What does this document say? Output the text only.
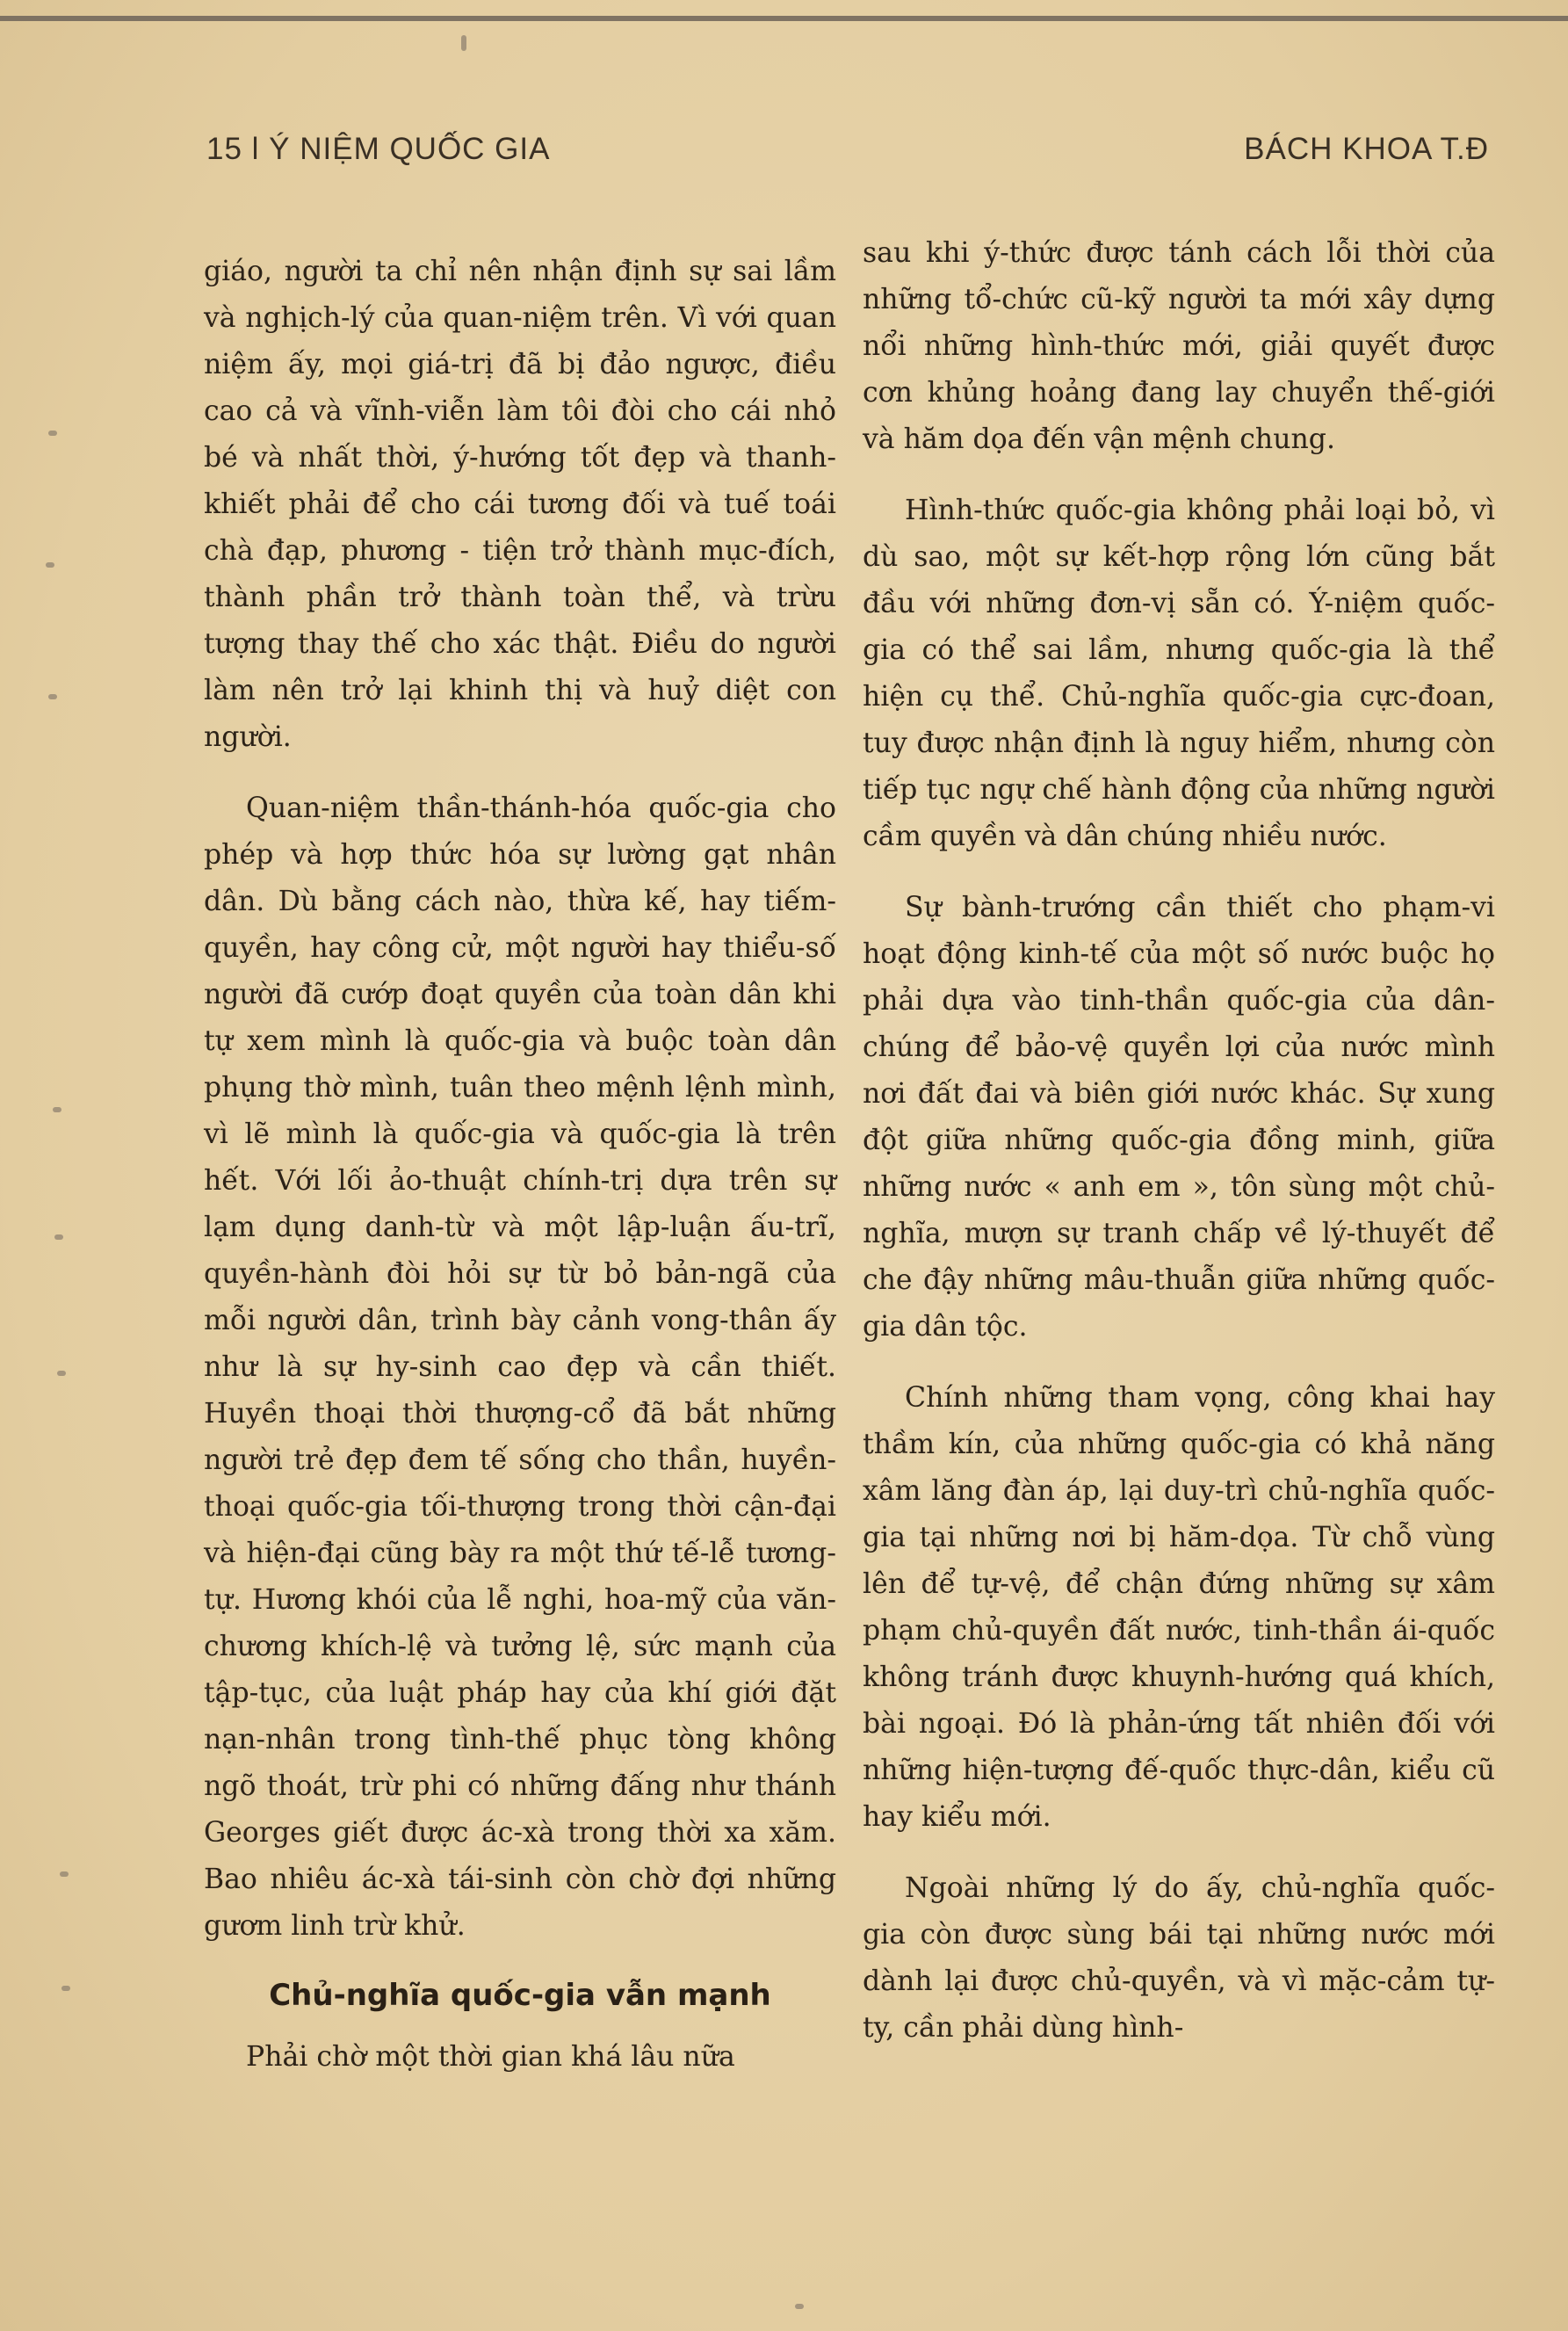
15 l Ý NIỆM QUỐC GIA	BÁCH KHOA T.Đ

giáo, người ta chỉ nên nhận định sự sai lầm và nghịch-lý của quan-niệm trên. Vì với quan niệm ấy, mọi giá-trị đã bị đảo ngược, điều cao cả và vĩnh-viễn làm tôi đòi cho cái nhỏ bé và nhất thời, ý-hướng tốt đẹp và thanh-khiết phải để cho cái tương đối và tuế toái chà đạp, phương - tiện trở thành mục-đích, thành phần trở thành toàn thể, và trừu tượng thay thế cho xác thật. Điều do người làm nên trở lại khinh thị và huỷ diệt con người.

Quan-niệm thần-thánh-hóa quốc-gia cho phép và hợp thức hóa sự lường gạt nhân dân. Dù bằng cách nào, thừa kế, hay tiếm-quyền, hay công cử, một người hay thiểu-số người đã cướp đoạt quyền của toàn dân khi tự xem mình là quốc-gia và buộc toàn dân phụng thờ mình, tuân theo mệnh lệnh mình, vì lẽ mình là quốc-gia và quốc-gia là trên hết. Với lối ảo-thuật chính-trị dựa trên sự lạm dụng danh-từ và một lập-luận ấu-trĩ, quyền-hành đòi hỏi sự từ bỏ bản-ngã của mỗi người dân, trình bày cảnh vong-thân ấy như là sự hy-sinh cao đẹp và cần thiết. Huyền thoại thời thượng-cổ đã bắt những người trẻ đẹp đem tế sống cho thần, huyền-thoại quốc-gia tối-thượng trong thời cận-đại và hiện-đại cũng bày ra một thứ tế-lễ tương-tự. Hương khói của lễ nghi, hoa-mỹ của văn-chương khích-lệ và tưởng lệ, sức mạnh của tập-tục, của luật pháp hay của khí giới đặt nạn-nhân trong tình-thế phục tòng không ngõ thoát, trừ phi có những đấng như thánh Georges giết được ác-xà trong thời xa xăm. Bao nhiêu ác-xà tái-sinh còn chờ đợi những gươm linh trừ khử.

Chủ-nghĩa quốc-gia vẫn mạnh

Phải chờ một thời gian khá lâu nữa

sau khi ý-thức được tánh cách lỗi thời của những tổ-chức cũ-kỹ người ta mới xây dựng nổi những hình-thức mới, giải quyết được cơn khủng hoảng đang lay chuyển thế-giới và hăm dọa đến vận mệnh chung.

Hình-thức quốc-gia không phải loại bỏ, vì dù sao, một sự kết-hợp rộng lớn cũng bắt đầu với những đơn-vị sẵn có. Ý-niệm quốc-gia có thể sai lầm, nhưng quốc-gia là thể hiện cụ thể. Chủ-nghĩa quốc-gia cực-đoan, tuy được nhận định là nguy hiểm, nhưng còn tiếp tục ngự chế hành động của những người cầm quyền và dân chúng nhiều nước.

Sự bành-trướng cần thiết cho phạm-vi hoạt động kinh-tế của một số nước buộc họ phải dựa vào tinh-thần quốc-gia của dân-chúng để bảo-vệ quyền lợi của nước mình nơi đất đai và biên giới nước khác. Sự xung đột giữa những quốc-gia đồng minh, giữa những nước « anh em », tôn sùng một chủ-nghĩa, mượn sự tranh chấp về lý-thuyết để che đậy những mâu-thuẫn giữa những quốc-gia dân tộc.

Chính những tham vọng, công khai hay thầm kín, của những quốc-gia có khả năng xâm lăng đàn áp, lại duy-trì chủ-nghĩa quốc-gia tại những nơi bị hăm-dọa. Từ chỗ vùng lên để tự-vệ, để chận đứng những sự xâm phạm chủ-quyền đất nước, tinh-thần ái-quốc không tránh được khuynh-hướng quá khích, bài ngoại. Đó là phản-ứng tất nhiên đối với những hiện-tượng đế-quốc thực-dân, kiểu cũ hay kiểu mới.

Ngoài những lý do ấy, chủ-nghĩa quốc- gia còn được sùng bái tại những nước mới dành lại được chủ-quyền, và vì mặc-cảm tự-ty, cần phải dùng hình-
